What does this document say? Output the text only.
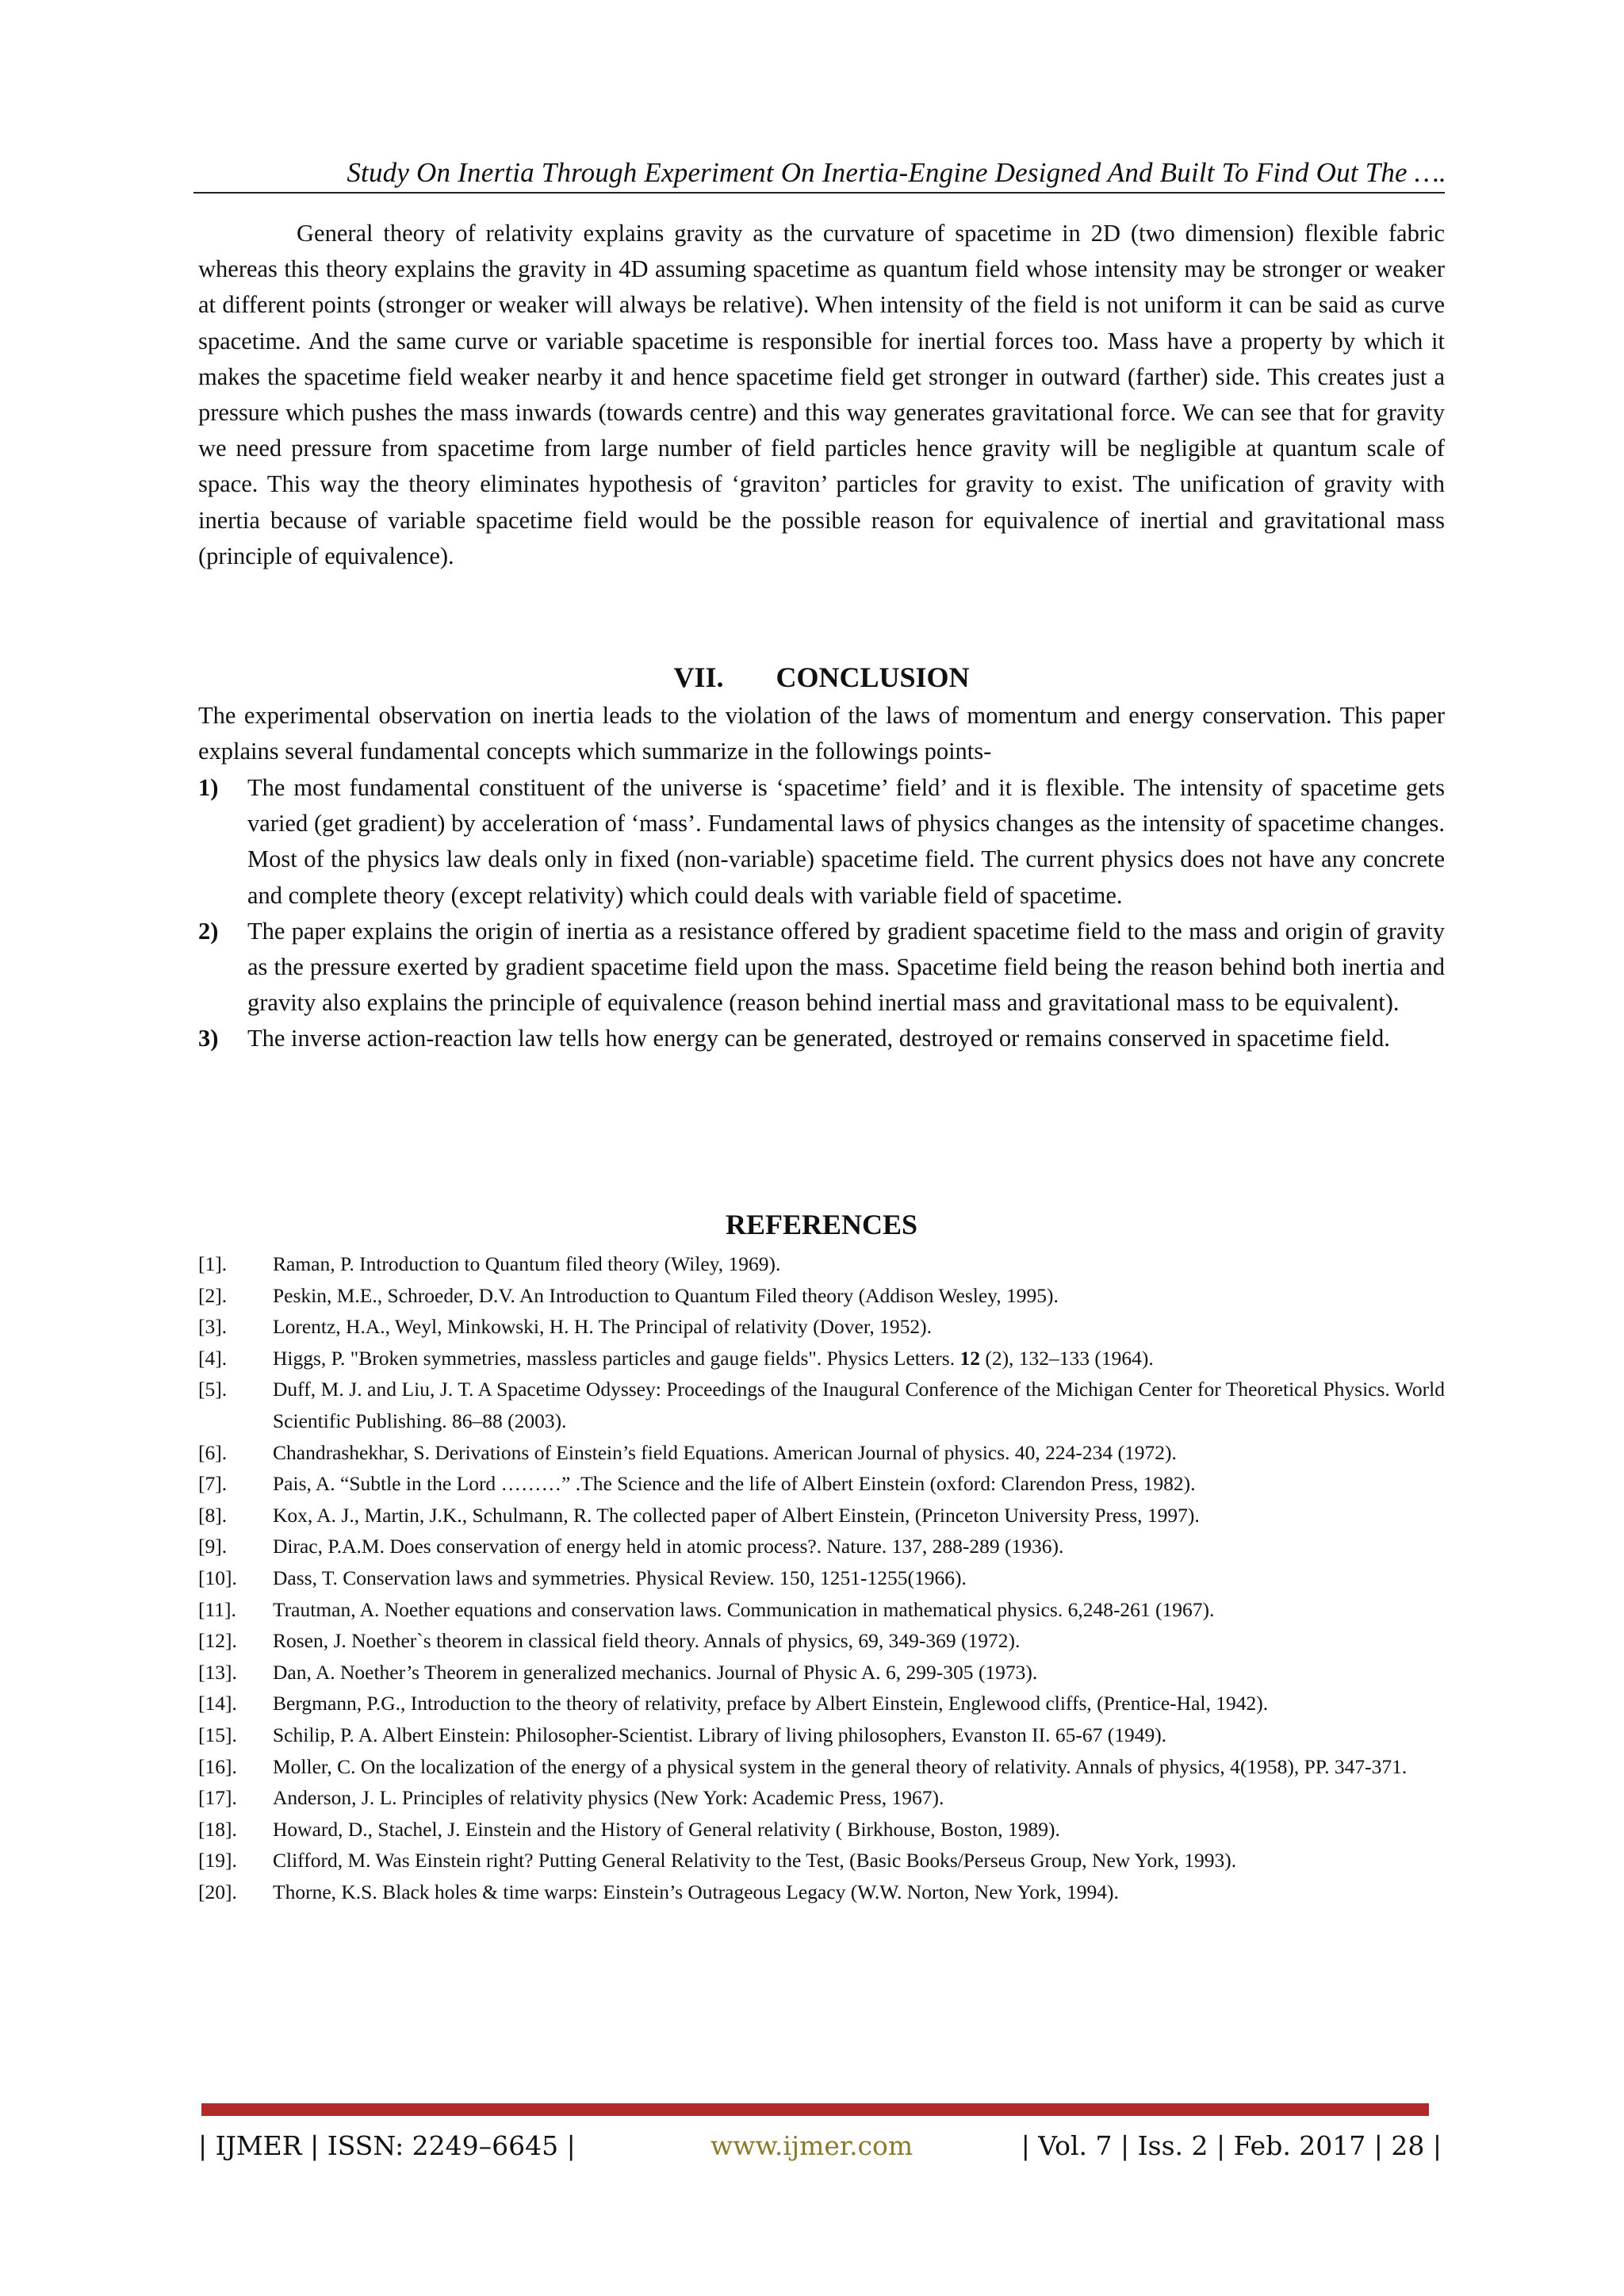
Study On Inertia Through Experiment On Inertia-Engine Designed And Built To Find Out The ….

General theory of relativity explains gravity as the curvature of spacetime in 2D (two dimension) flexible fabric whereas this theory explains the gravity in 4D assuming spacetime as quantum field whose intensity may be stronger or weaker at different points (stronger or weaker will always be relative). When intensity of the field is not uniform it can be said as curve spacetime. And the same curve or variable spacetime is responsible for inertial forces too. Mass have a property by which it makes the spacetime field weaker nearby it and hence spacetime field get stronger in outward (farther) side. This creates just a pressure which pushes the mass inwards (towards centre) and this way generates gravitational force. We can see that for gravity we need pressure from spacetime from large number of field particles hence gravity will be negligible at quantum scale of space. This way the theory eliminates hypothesis of ‘graviton’ particles for gravity to exist. The unification of gravity with inertia because of variable spacetime field would be the possible reason for equivalence of inertial and gravitational mass (principle of equivalence).

VII. CONCLUSION

The experimental observation on inertia leads to the violation of the laws of momentum and energy conservation. This paper explains several fundamental concepts which summarize in the followings points-

1) The most fundamental constituent of the universe is ‘spacetime’ field’ and it is flexible. The intensity of spacetime gets varied (get gradient) by acceleration of ‘mass’. Fundamental laws of physics changes as the intensity of spacetime changes. Most of the physics law deals only in fixed (non-variable) spacetime field. The current physics does not have any concrete and complete theory (except relativity) which could deals with variable field of spacetime.
2) The paper explains the origin of inertia as a resistance offered by gradient spacetime field to the mass and origin of gravity as the pressure exerted by gradient spacetime field upon the mass. Spacetime field being the reason behind both inertia and gravity also explains the principle of equivalence (reason behind inertial mass and gravitational mass to be equivalent).
3) The inverse action-reaction law tells how energy can be generated, destroyed or remains conserved in spacetime field.
REFERENCES
[1]. Raman, P. Introduction to Quantum filed theory (Wiley, 1969).
[2]. Peskin, M.E., Schroeder, D.V. An Introduction to Quantum Filed theory (Addison Wesley, 1995).
[3]. Lorentz, H.A., Weyl, Minkowski, H. H. The Principal of relativity (Dover, 1952).
[4]. Higgs, P. "Broken symmetries, massless particles and gauge fields". Physics Letters. 12 (2), 132–133 (1964).
[5]. Duff, M. J. and Liu, J. T. A Spacetime Odyssey: Proceedings of the Inaugural Conference of the Michigan Center for Theoretical Physics. World Scientific Publishing. 86–88 (2003).
[6]. Chandrashekhar, S. Derivations of Einstein’s field Equations. American Journal of physics. 40, 224-234 (1972).
[7]. Pais, A. “Subtle in the Lord ………” .The Science and the life of Albert Einstein (oxford: Clarendon Press, 1982).
[8]. Kox, A. J., Martin, J.K., Schulmann, R. The collected paper of Albert Einstein, (Princeton University Press, 1997).
[9]. Dirac, P.A.M. Does conservation of energy held in atomic process?. Nature. 137, 288-289 (1936).
[10]. Dass, T. Conservation laws and symmetries. Physical Review. 150, 1251-1255(1966).
[11]. Trautman, A. Noether equations and conservation laws. Communication in mathematical physics. 6,248-261 (1967).
[12]. Rosen, J. Noether`s theorem in classical field theory. Annals of physics, 69, 349-369 (1972).
[13]. Dan, A. Noether’s Theorem in generalized mechanics. Journal of Physic A. 6, 299-305 (1973).
[14]. Bergmann, P.G., Introduction to the theory of relativity, preface by Albert Einstein, Englewood cliffs, (Prentice-Hal, 1942).
[15]. Schilip, P. A. Albert Einstein: Philosopher-Scientist. Library of living philosophers, Evanston II. 65-67 (1949).
[16]. Moller, C. On the localization of the energy of a physical system in the general theory of relativity. Annals of physics, 4(1958), PP. 347-371.
[17]. Anderson, J. L. Principles of relativity physics (New York: Academic Press, 1967).
[18]. Howard, D., Stachel, J. Einstein and the History of General relativity ( Birkhouse, Boston, 1989).
[19]. Clifford, M. Was Einstein right? Putting General Relativity to the Test, (Basic Books/Perseus Group, New York, 1993).
[20]. Thorne, K.S. Black holes & time warps: Einstein’s Outrageous Legacy (W.W. Norton, New York, 1994).
| IJMER | ISSN: 2249–6645 |	www.ijmer.com	| Vol. 7 | Iss. 2 | Feb. 2017 | 28 |
